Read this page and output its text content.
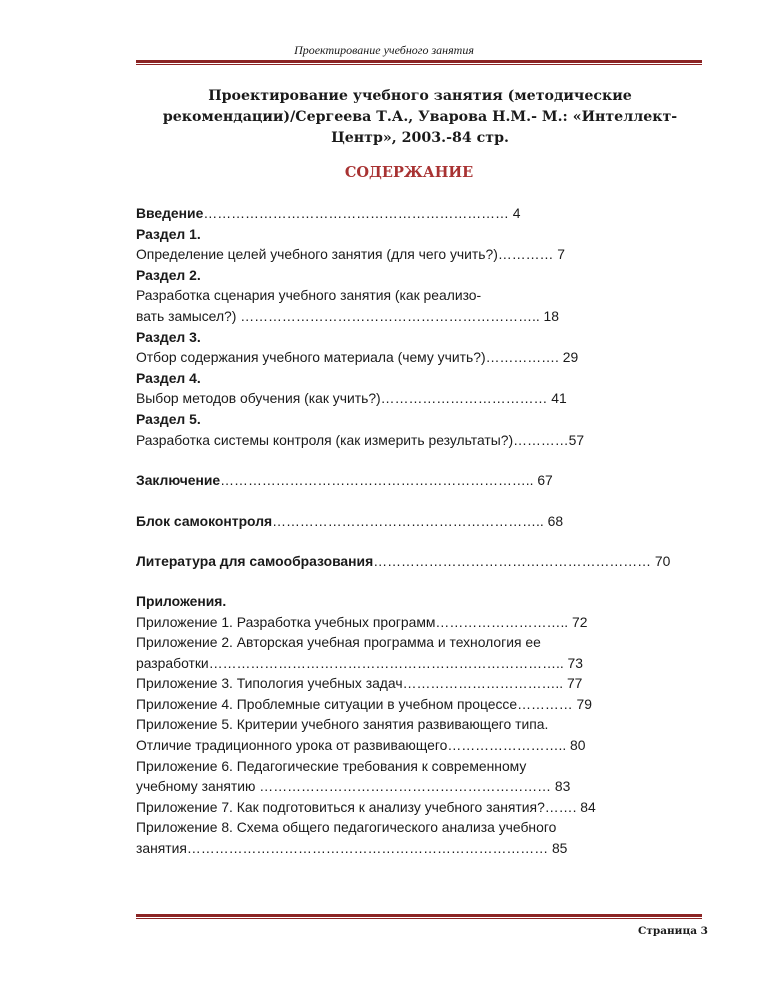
Проектирование учебного занятия
Проектирование учебного занятия (методические
рекомендации)/Сергеева Т.А., Уварова Н.М.- М.: «Интеллект-
Центр», 2003.-84 стр.
СОДЕРЖАНИЕ
Введение………………………………………………………… 4
Раздел 1.
Определение целей учебного занятия (для чего учить?)………… 7
Раздел 2.
Разработка сценария учебного занятия (как реализо-
вать замысел?) ……………………………………………………….. 18
Раздел 3.
Отбор содержания учебного материала (чему учить?)……………. 29
Раздел 4.
Выбор методов обучения (как учить?)……………………………… 41
Раздел 5.
Разработка системы контроля (как измерить результаты?)…………57
Заключение………………………………………………………….. 67
Блок самоконтроля………………………………………………….. 68
Литература для самообразования…………………………………………………… 70
Приложения.
Приложение 1. Разработка учебных программ……………………….. 72
Приложение 2. Авторская учебная программа и технология ее
разработки………………………………………………………………….. 73
Приложение 3. Типология учебных задач…………………………….. 77
Приложение 4. Проблемные ситуации в учебном процессе………… 79
Приложение 5. Критерии учебного занятия развивающего типа.
Отличие традиционного урока от развивающего…………………….. 80
Приложение 6. Педагогические требования к современному
учебному занятию ……………………………………………………… 83
Приложение 7. Как подготовиться к анализу учебного занятия?……. 84
Приложение 8. Схема общего педагогического анализа учебного
занятия…………………………………………………………………… 85
Страница 3
